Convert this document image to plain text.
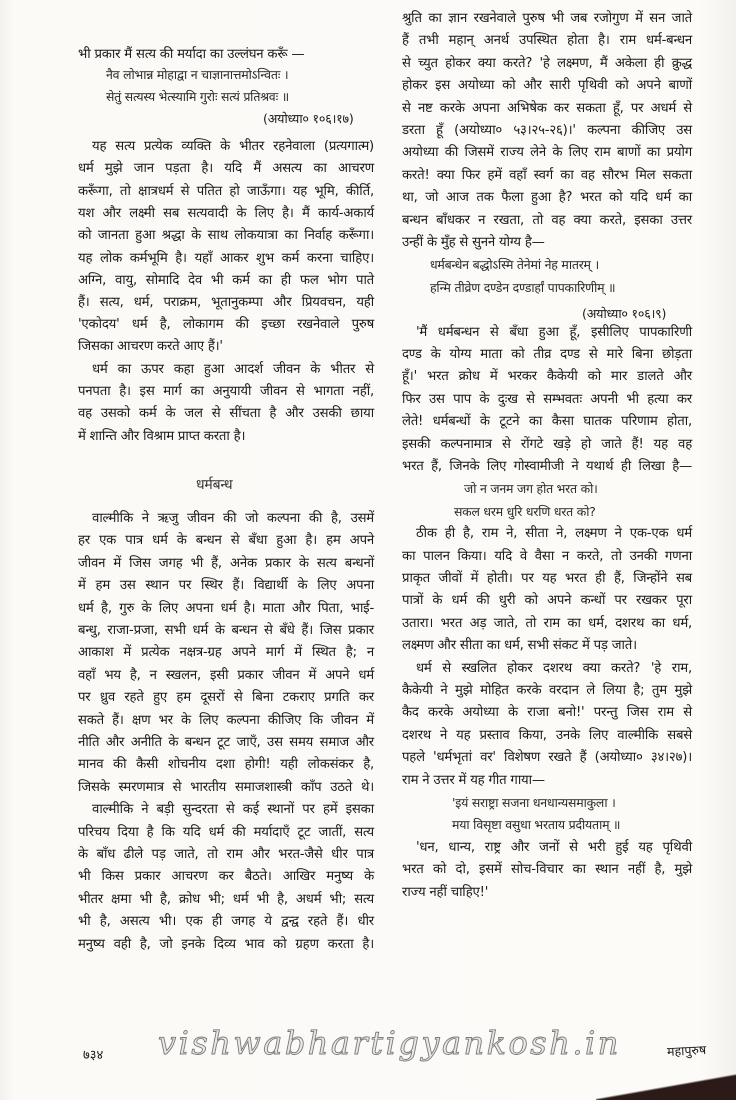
भी प्रकार मैं सत्य की मर्यादा का उल्लंघन करूँ —
नैव लोभान्न मोहाद्वा न चाज्ञानात्तमोऽन्वितः ।
सेतुं सत्यस्य भेत्स्यामि गुरोः सत्यं प्रतिश्रवः ॥
(अयोध्या० १०६।१७)
यह सत्य प्रत्येक व्यक्ति के भीतर रहनेवाला (प्रत्यगात्म)
धर्म मुझे जान पड़ता है। यदि मैं असत्य का आचरण
करूँगा, तो क्षात्रधर्म से पतित हो जाऊँगा। यह भूमि, कीर्ति,
यश और लक्ष्मी सब सत्यवादी के लिए है। मैं कार्य-अकार्य
को जानता हुआ श्रद्धा के साथ लोकयात्रा का निर्वाह करूँगा।
यह लोक कर्मभूमि है। यहाँ आकर शुभ कर्म करना चाहिए।
अग्नि, वायु, सोमादि देव भी कर्म का ही फल भोग पाते
हैं। सत्य, धर्म, पराक्रम, भूतानुकम्पा और प्रियवचन, यही
'एकोदय' धर्म है, लोकागम की इच्छा रखनेवाले पुरुष
जिसका आचरण करते आए हैं।'
धर्म का ऊपर कहा हुआ आदर्श जीवन के भीतर से
पनपता है। इस मार्ग का अनुयायी जीवन से भागता नहीं,
वह उसको कर्म के जल से सींचता है और उसकी छाया
में शान्ति और विश्राम प्राप्त करता है।
धर्मबन्ध
वाल्मीकि ने ऋजु जीवन की जो कल्पना की है, उसमें
हर एक पात्र धर्म के बन्धन से बँधा हुआ है। हम अपने
जीवन में जिस जगह भी हैं, अनेक प्रकार के सत्य बन्धनों
में हम उस स्थान पर स्थिर हैं। विद्यार्थी के लिए अपना
धर्म है, गुरु के लिए अपना धर्म है। माता और पिता, भाई-
बन्धु, राजा-प्रजा, सभी धर्म के बन्धन से बँधे हैं। जिस प्रकार
आकाश में प्रत्येक नक्षत्र-ग्रह अपने मार्ग में स्थित है; न
वहाँ भय है, न स्खलन, इसी प्रकार जीवन में अपने धर्म
पर ध्रुव रहते हुए हम दूसरों से बिना टकराए प्रगति कर
सकते हैं। क्षण भर के लिए कल्पना कीजिए कि जीवन में
नीति और अनीति के बन्धन टूट जाएँ, उस समय समाज और
मानव की कैसी शोचनीय दशा होगी! यही लोकसंकर है,
जिसके स्मरणमात्र से भारतीय समाजशास्त्री काँप उठते थे।
वाल्मीकि ने बड़ी सुन्दरता से कई स्थानों पर हमें इसका
परिचय दिया है कि यदि धर्म की मर्यादाएँ टूट जातीं, सत्य
के बाँध ढीले पड़ जाते, तो राम और भरत-जैसे धीर पात्र
भी किस प्रकार आचरण कर बैठते। आखिर मनुष्य के
भीतर क्षमा भी है, क्रोध भी; धर्म भी है, अधर्म भी; सत्य
भी है, असत्य भी। एक ही जगह ये द्वन्द्व रहते हैं। धीर
मनुष्य वही है, जो इनके दिव्य भाव को ग्रहण करता है।
श्रुति का ज्ञान रखनेवाले पुरुष भी जब रजोगुण में सन जाते
हैं तभी महान् अनर्थ उपस्थित होता है। राम धर्म-बन्धन
से च्युत होकर क्या करते? 'हे लक्ष्मण, मैं अकेला ही क्रुद्ध
होकर इस अयोध्या को और सारी पृथिवी को अपने बाणों
से नष्ट करके अपना अभिषेक कर सकता हूँ, पर अधर्म से
डरता हूँ (अयोध्या० ५३।२५-२६)।' कल्पना कीजिए उस
अयोध्या की जिसमें राज्य लेने के लिए राम बाणों का प्रयोग
करते! क्या फिर हमें वहाँ स्वर्ग का वह सौरभ मिल सकता
था, जो आज तक फैला हुआ है? भरत को यदि धर्म का
बन्धन बाँधकर न रखता, तो वह क्या करते, इसका उत्तर
उन्हीं के मुँह से सुनने योग्य है—
धर्मबन्धेन बद्धोऽस्मि तेनेमां नेह मातरम् ।
हन्मि तीव्रेण दण्डेन दण्डार्हां पापकारिणीम् ॥
(अयोध्या० १०६।९)
'मैं धर्मबन्धन से बँधा हुआ हूँ, इसीलिए पापकारिणी
दण्ड के योग्य माता को तीव्र दण्ड से मारे बिना छोड़ता
हूँ।' भरत क्रोध में भरकर कैकेयी को मार डालते और
फिर उस पाप के दुःख से सम्भवतः अपनी भी हत्या कर
लेते! धर्मबन्धों के टूटने का कैसा घातक परिणाम होता,
इसकी कल्पनामात्र से रोंगटे खड़े हो जाते हैं! यह वह
भरत हैं, जिनके लिए गोस्वामीजी ने यथार्थ ही लिखा है—
जो न जनम जग होत भरत को।
सकल धरम धुरि धरणि धरत को?
ठीक ही है, राम ने, सीता ने, लक्ष्मण ने एक-एक धर्म
का पालन किया। यदि वे वैसा न करते, तो उनकी गणना
प्राकृत जीवों में होती। पर यह भरत ही हैं, जिन्होंने सब
पात्रों के धर्म की धुरी को अपने कन्धों पर रखकर पूरा
उतारा। भरत अड़ जाते, तो राम का धर्म, दशरथ का धर्म,
लक्ष्मण और सीता का धर्म, सभी संकट में पड़ जाते।
धर्म से स्खलित होकर दशरथ क्या करते? 'हे राम,
कैकेयी ने मुझे मोहित करके वरदान ले लिया है; तुम मुझे
कैद करके अयोध्या के राजा बनो!' परन्तु जिस राम से
दशरथ ने यह प्रस्ताव किया, उनके लिए वाल्मीकि सबसे
पहले 'धर्मभृतां वर' विशेषण रखते हैं (अयोध्या० ३४।२७)।
राम ने उत्तर में यह गीत गाया—
'इयं सराष्ट्रा सजना धनधान्यसमाकुला ।
मया विसृष्टा वसुधा भरताय प्रदीयताम् ॥
'धन, धान्य, राष्ट्र और जनों से भरी हुई यह पृथिवी
भरत को दो, इसमें सोच-विचार का स्थान नहीं है, मुझे
राज्य नहीं चाहिए!'
७३४ vishwabhartigyankosh.in	महापुरुष
